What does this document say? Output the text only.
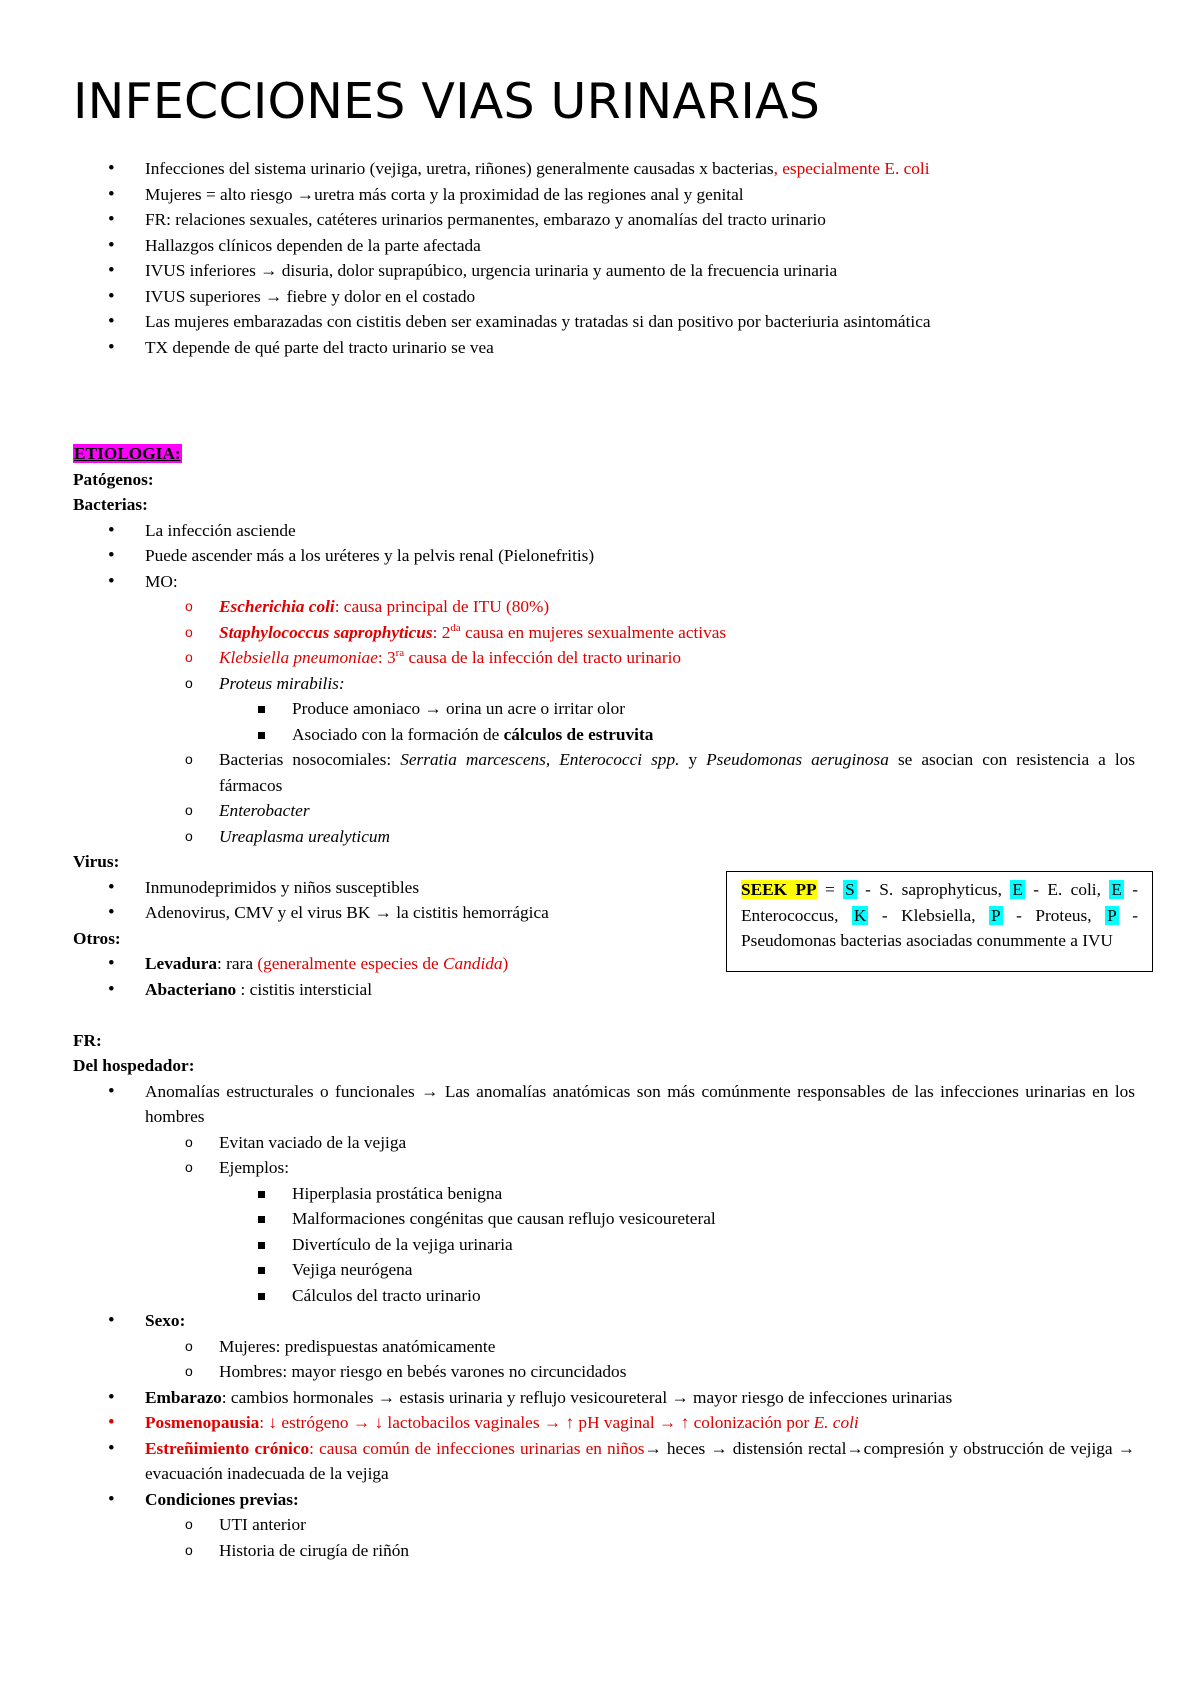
INFECCIONES VIAS URINARIAS
• Infecciones del sistema urinario (vejiga, uretra, riñones) generalmente causadas x bacterias, especialmente E. coli
• Mujeres = alto riesgo →uretra más corta y la proximidad de las regiones anal y genital
• FR: relaciones sexuales, catéteres urinarios permanentes, embarazo y anomalías del tracto urinario
• Hallazgos clínicos dependen de la parte afectada
• IVUS inferiores → disuria, dolor suprapúbico, urgencia urinaria y aumento de la frecuencia urinaria
• IVUS superiores → fiebre y dolor en el costado
• Las mujeres embarazadas con cistitis deben ser examinadas y tratadas si dan positivo por bacteriuria asintomática
• TX depende de qué parte del tracto urinario se vea
ETIOLOGIA:
Patógenos:
Bacterias:
• La infección asciende
• Puede ascender más a los uréteres y la pelvis renal (Pielonefritis)
• MO:
o Escherichia coli: causa principal de ITU (80%)
o Staphylococcus saprophyticus: $2^{da}$ causa en mujeres sexualmente activas
o Klebsiella pneumoniae: $3^{ra}$ causa de la infección del tracto urinario
o Proteus mirabilis:
Produce amoniaco → orina un acre o irritar olor
Asociado con la formación de cálculos de estruvita
o Bacterias nosocomiales: Serratia marcescens, Enterococci spp. y Pseudomonas aeruginosa se asocian con resistencia a los fármacos
o Enterobacter
o Ureaplasma urealyticum
Virus:
• Inmunodeprimidos y niños susceptibles
• Adenovirus, CMV y el virus BK → la cistitis hemorrágica
Otros:
• Levadura: rara (generalmente especies de Candida)
• Abacteriano : cistitis intersticial
FR:
Del hospedador:
• Anomalías estructurales o funcionales → Las anomalías anatómicas son más comúnmente responsables de las infecciones urinarias en los hombres
o Evitan vaciado de la vejiga
o Ejemplos:
Hiperplasia prostática benigna
Malformaciones congénitas que causan reflujo vesicoureteral
Divertículo de la vejiga urinaria
Vejiga neurógena
Cálculos del tracto urinario
• Sexo:
o Mujeres: predispuestas anatómicamente
o Hombres: mayor riesgo en bebés varones no circuncidados
• Embarazo: cambios hormonales → estasis urinaria y reflujo vesicoureteral → mayor riesgo de infecciones urinarias
• Posmenopausia: ↓ estrógeno → ↓ lactobacilos vaginales → ↑ pH vaginal → ↑ colonización por E. coli
• Estreñimiento crónico: causa común de infecciones urinarias en niños→ heces → distensión rectal→compresión y obstrucción de vejiga → evacuación inadecuada de la vejiga
• Condiciones previas:
o UTI anterior
o Historia de cirugía de riñón
SEEK PP = S - S. saprophyticus, E - E. coli, E - Enterococcus, K - Klebsiella, P - Proteus, P - Pseudomonas bacterias asociadas conummente a IVU
